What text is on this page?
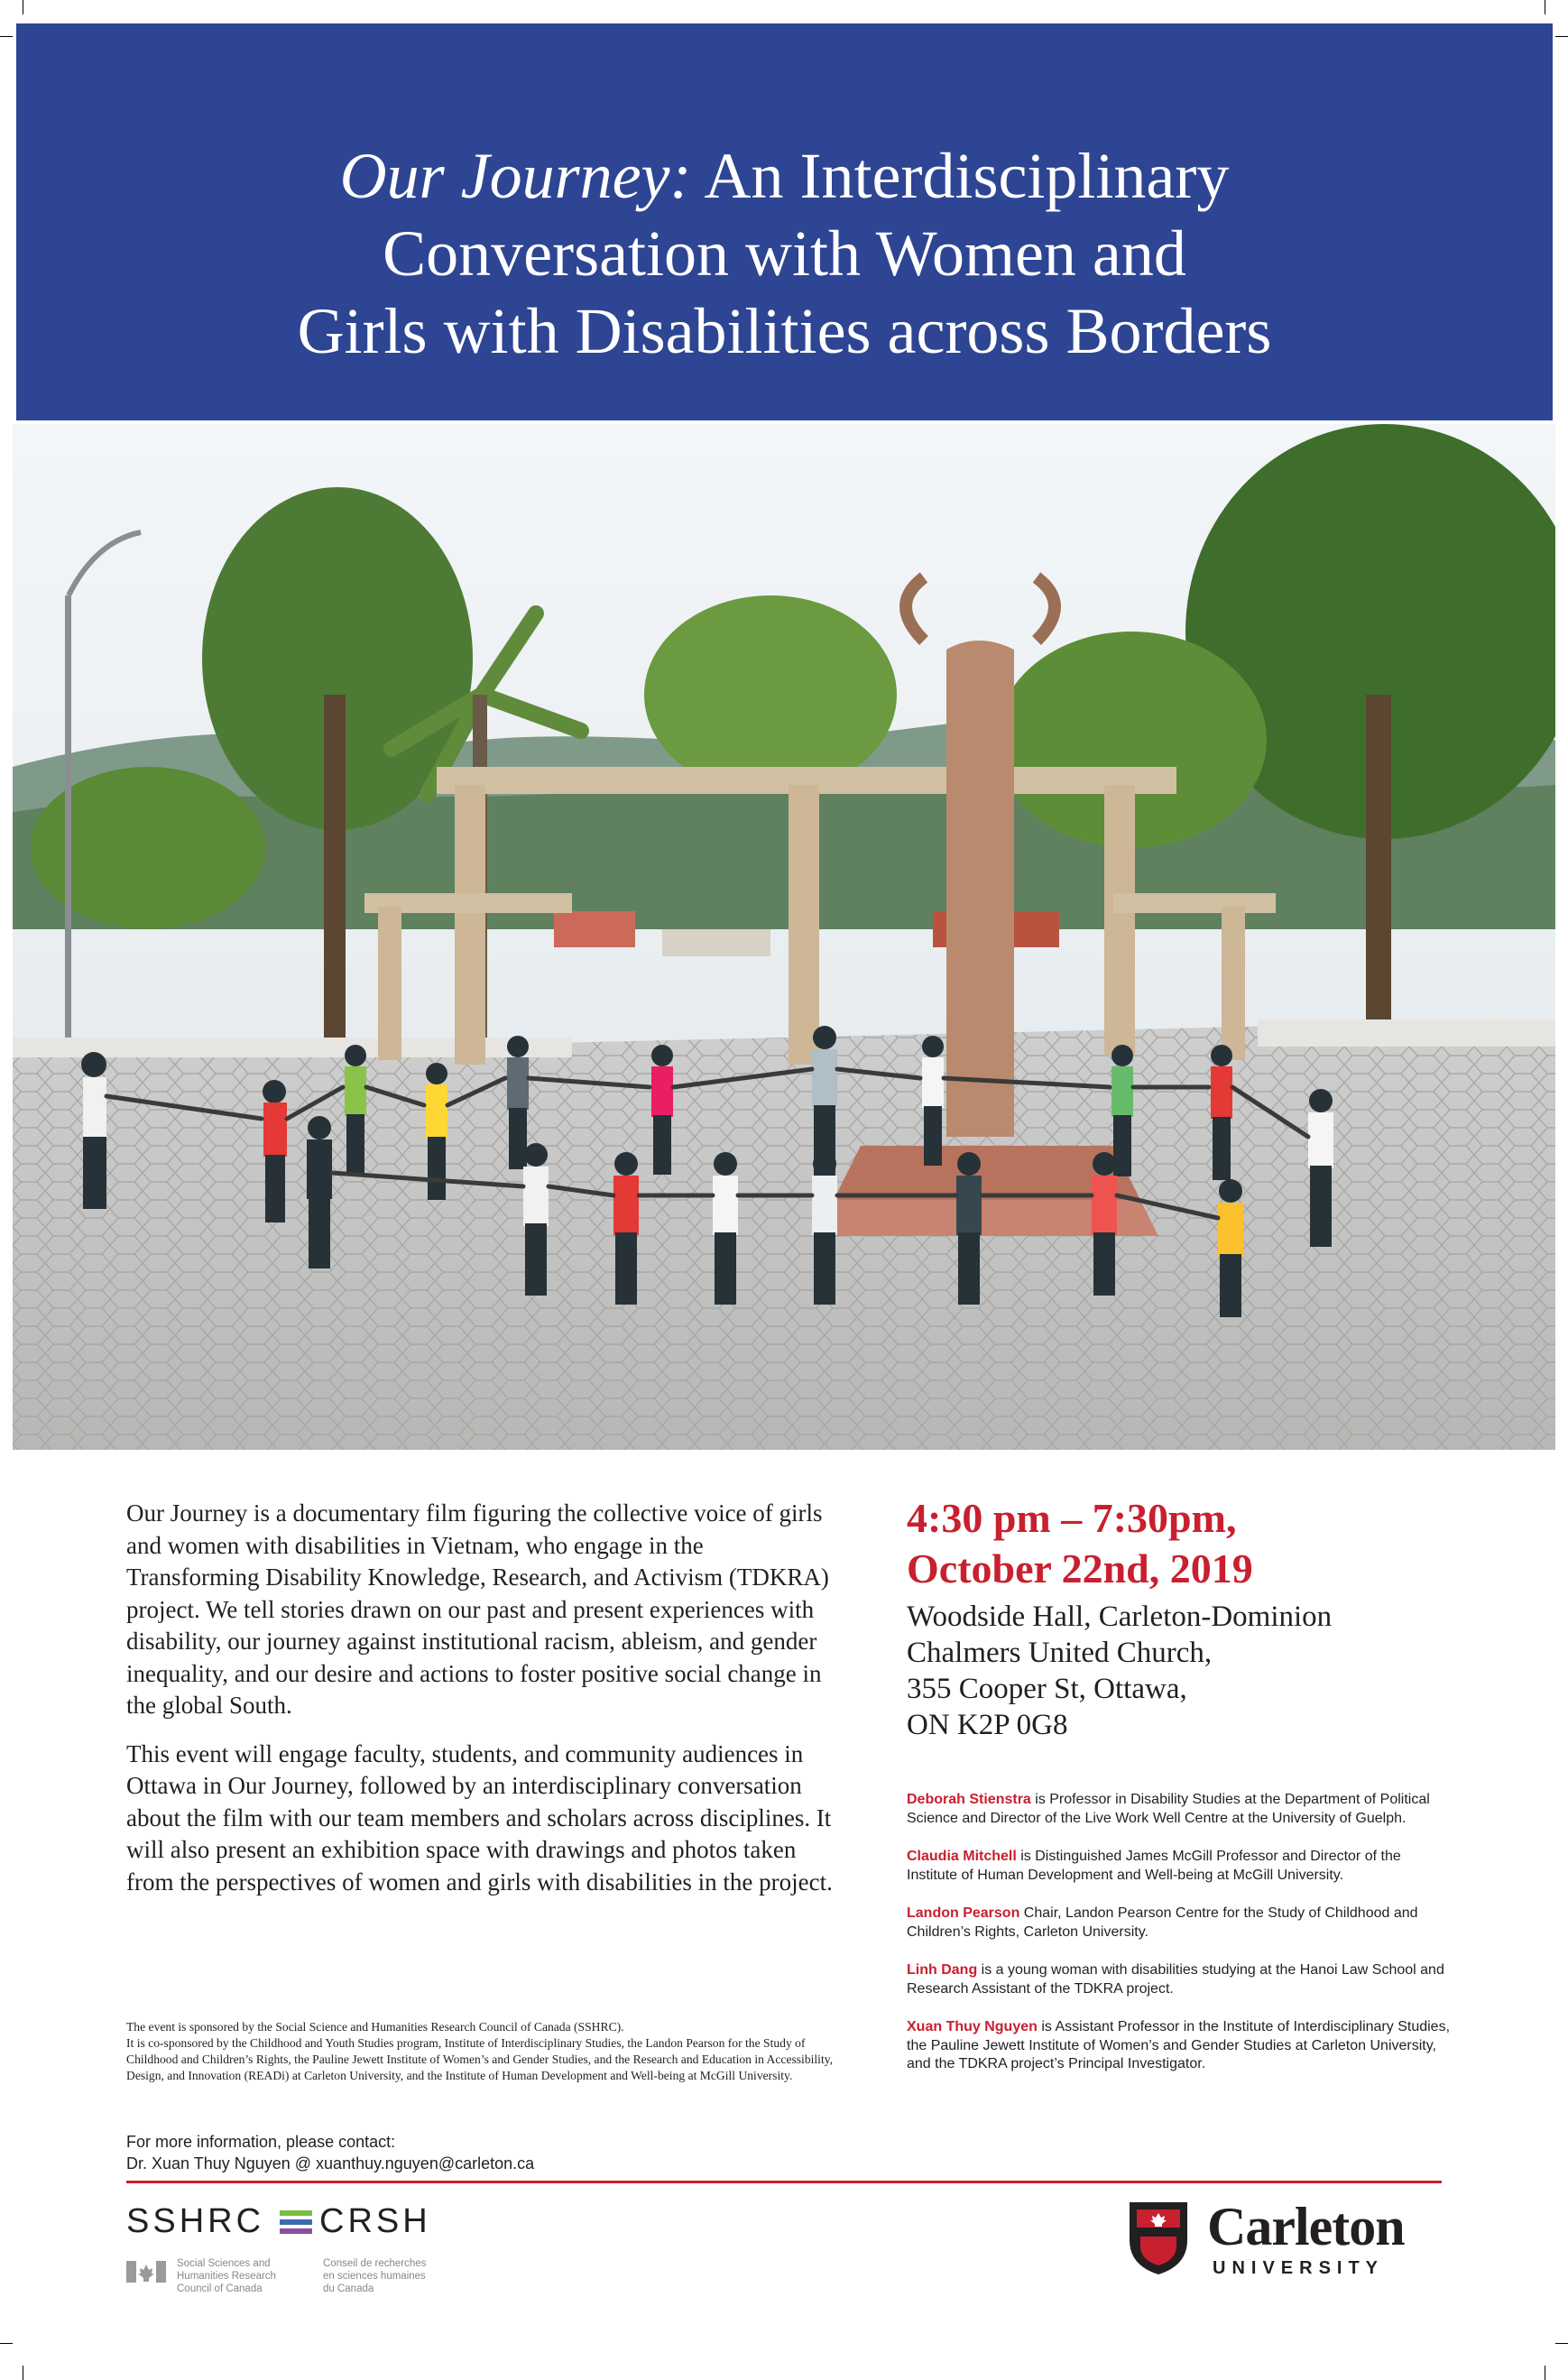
Our Journey: An Interdisciplinary
Conversation with Women and
Girls with Disabilities across Borders

Our Journey is a documentary film figuring the collective voice of girls and women with disabilities in Vietnam, who engage in the Transforming Disability Knowledge, Research, and Activism (TDKRA) project. We tell stories drawn on our past and present experiences with disability, our journey against institutional racism, ableism, and gender inequality, and our desire and actions to foster positive social change in the global South.

This event will engage faculty, students, and community audiences in Ottawa in Our Journey, followed by an interdisciplinary conversation about the film with our team members and scholars across disciplines. It will also present an exhibition space with drawings and photos taken from the perspectives of women and girls with disabilities in the project.

The event is sponsored by the Social Science and Humanities Research Council of Canada (SSHRC).

It is co-sponsored by the Childhood and Youth Studies program, Institute of Interdisciplinary Studies, the Landon Pearson for the Study of Childhood and Children’s Rights, the Pauline Jewett Institute of Women’s and Gender Studies, and the Research and Education in Accessibility, Design, and Innovation (READi) at Carleton University, and the Institute of Human Development and Well-being at McGill University.

For more information, please contact:

Dr. Xuan Thuy Nguyen @ xuanthuy.nguyen@carleton.ca

4:30 pm – 7:30pm,
October 22nd, 2019
Woodside Hall, Carleton-Dominion
Chalmers United Church,
355 Cooper St, Ottawa,
ON K2P 0G8

Deborah Stienstra is Professor in Disability Studies at the Department of Political Science and Director of the Live Work Well Centre at the University of Guelph.

Claudia Mitchell is Distinguished James McGill Professor and Director of the Institute of Human Development and Well-being at McGill University.

Landon Pearson Chair, Landon Pearson Centre for the Study of Childhood and Children’s Rights, Carleton University.

Linh Dang is a young woman with disabilities studying at the Hanoi Law School and Research Assistant of the TDKRA project.

Xuan Thuy Nguyen is Assistant Professor in the Institute of Interdisciplinary Studies, the Pauline Jewett Institute of Women’s and Gender Studies at Carleton University, and the TDKRA project’s Principal Investigator.

SSHRC CRSH
Social Sciences and
Humanities Research
Council of Canada
Conseil de recherches
en sciences humaines
du Canada
Carleton
UNIVERSITY
